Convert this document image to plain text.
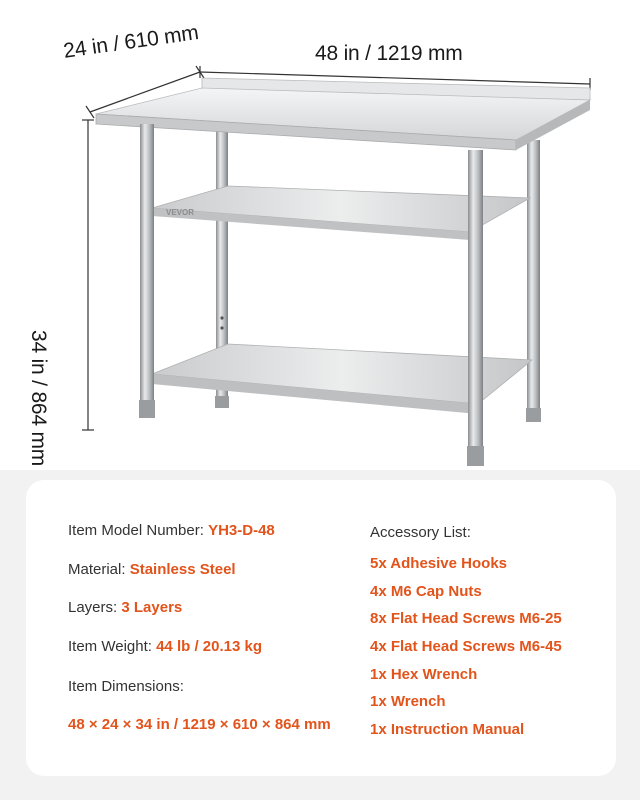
VEVOR
48 in / 1219 mm
24 in / 610 mm
34 in / 864 mm
Item Model Number: YH3-D-48
Material: Stainless Steel
Layers: 3 Layers
Item Weight: 44 lb / 20.13 kg
Item Dimensions:
48 × 24 × 34 in / 1219 × 610 × 864 mm
Accessory List:
5x Adhesive Hooks
4x M6 Cap Nuts
8x Flat Head Screws M6-25
4x Flat Head Screws M6-45
1x Hex Wrench
1x Wrench
1x Instruction Manual
